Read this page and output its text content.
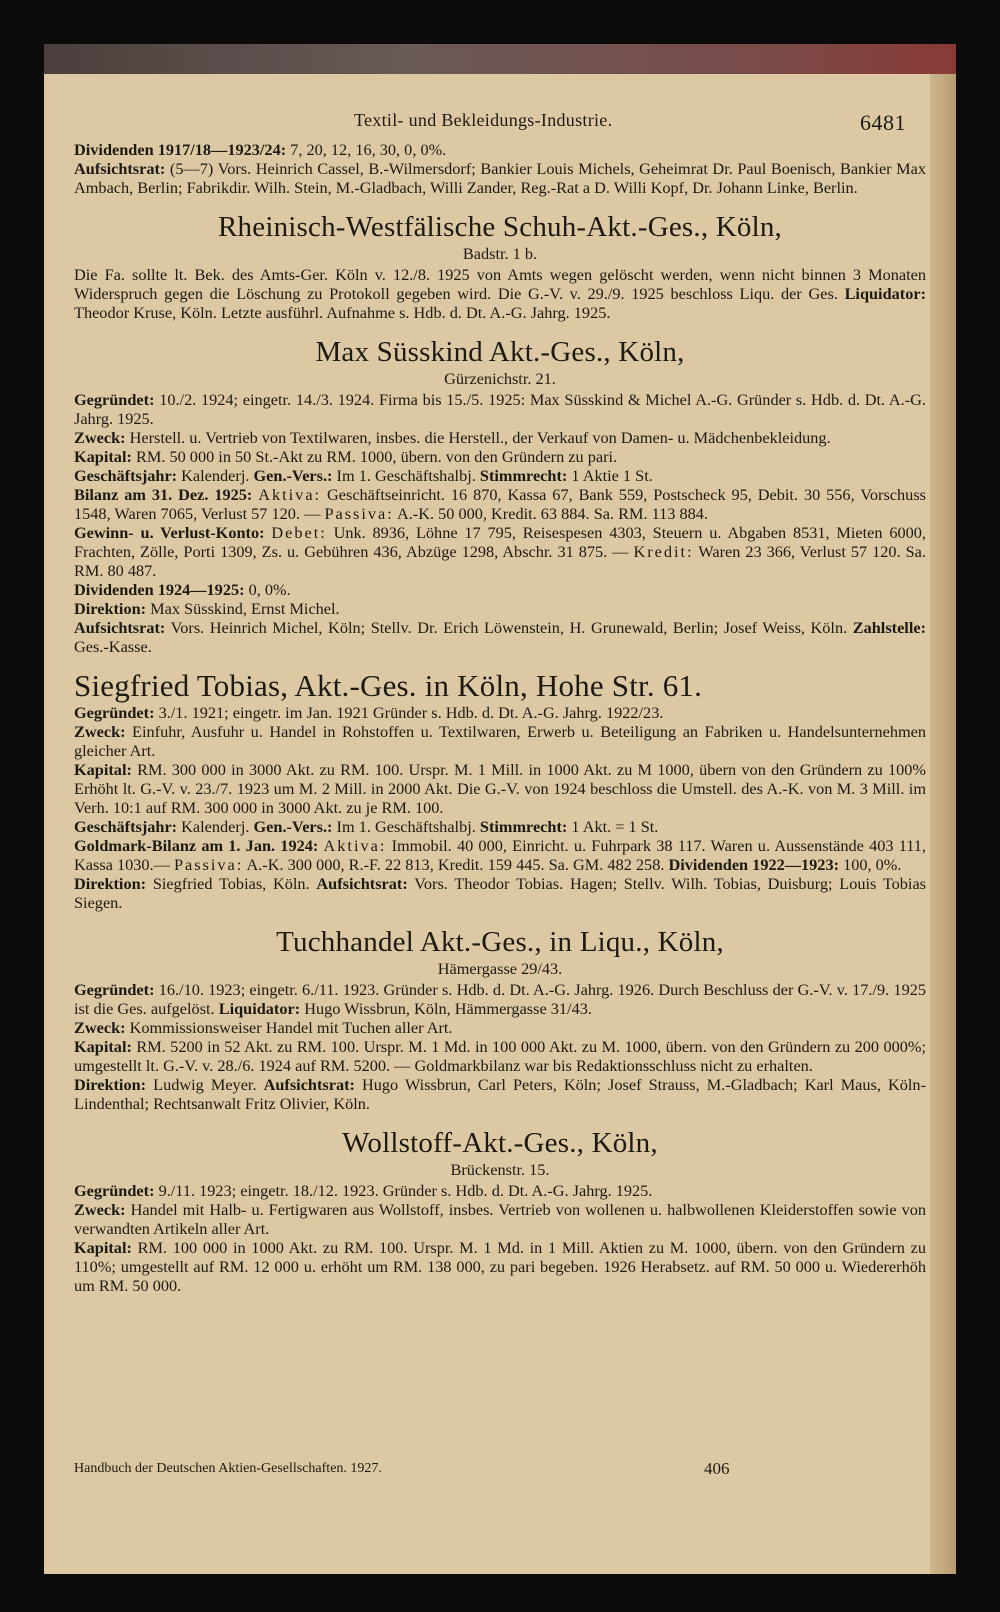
Textil- und Bekleidungs-Industrie.	6481

Dividenden 1917/18—1923/24: 7, 20, 12, 16, 30, 0, 0%.

Aufsichtsrat: (5—7) Vors. Heinrich Cassel, B.-Wilmersdorf; Bankier Louis Michels, Geheimrat Dr. Paul Boenisch, Bankier Max Ambach, Berlin; Fabrikdir. Wilh. Stein, M.-Gladbach, Willi Zander, Reg.-Rat a D. Willi Kopf, Dr. Johann Linke, Berlin.

Rheinisch-Westfälische Schuh-Akt.-Ges., Köln,
Badstr. 1 b.

Die Fa. sollte lt. Bek. des Amts-Ger. Köln v. 12./8. 1925 von Amts wegen gelöscht werden, wenn nicht binnen 3 Monaten Widerspruch gegen die Löschung zu Protokoll gegeben wird. Die G.-V. v. 29./9. 1925 beschloss Liqu. der Ges. Liquidator: Theodor Kruse, Köln. Letzte ausführl. Aufnahme s. Hdb. d. Dt. A.-G. Jahrg. 1925.

Max Süsskind Akt.-Ges., Köln,
Gürzenichstr. 21.

Gegründet: 10./2. 1924; eingetr. 14./3. 1924. Firma bis 15./5. 1925: Max Süsskind & Michel A.-G. Gründer s. Hdb. d. Dt. A.-G. Jahrg. 1925.

Zweck: Herstell. u. Vertrieb von Textilwaren, insbes. die Herstell., der Verkauf von Damen- u. Mädchenbekleidung.

Kapital: RM. 50 000 in 50 St.-Akt zu RM. 1000, übern. von den Gründern zu pari.

Geschäftsjahr: Kalenderj. Gen.-Vers.: Im 1. Geschäftshalbj. Stimmrecht: 1 Aktie 1 St.

Bilanz am 31. Dez. 1925: Aktiva: Geschäftseinricht. 16 870, Kassa 67, Bank 559, Postscheck 95, Debit. 30 556, Vorschuss 1548, Waren 7065, Verlust 57 120. — Passiva: A.-K. 50 000, Kredit. 63 884. Sa. RM. 113 884.

Gewinn- u. Verlust-Konto: Debet: Unk. 8936, Löhne 17 795, Reisespesen 4303, Steuern u. Abgaben 8531, Mieten 6000, Frachten, Zölle, Porti 1309, Zs. u. Gebühren 436, Abzüge 1298, Abschr. 31 875. — Kredit: Waren 23 366, Verlust 57 120. Sa. RM. 80 487.

Dividenden 1924—1925: 0, 0%.

Direktion: Max Süsskind, Ernst Michel.

Aufsichtsrat: Vors. Heinrich Michel, Köln; Stellv. Dr. Erich Löwenstein, H. Grunewald, Berlin; Josef Weiss, Köln. Zahlstelle: Ges.-Kasse.

Siegfried Tobias, Akt.-Ges. in Köln, Hohe Str. 61.

Gegründet: 3./1. 1921; eingetr. im Jan. 1921 Gründer s. Hdb. d. Dt. A.-G. Jahrg. 1922/23.

Zweck: Einfuhr, Ausfuhr u. Handel in Rohstoffen u. Textilwaren, Erwerb u. Beteiligung an Fabriken u. Handelsunternehmen gleicher Art.

Kapital: RM. 300 000 in 3000 Akt. zu RM. 100. Urspr. M. 1 Mill. in 1000 Akt. zu M 1000, übern von den Gründern zu 100% Erhöht lt. G.-V. v. 23./7. 1923 um M. 2 Mill. in 2000 Akt. Die G.-V. von 1924 beschloss die Umstell. des A.-K. von M. 3 Mill. im Verh. 10:1 auf RM. 300 000 in 3000 Akt. zu je RM. 100.

Geschäftsjahr: Kalenderj. Gen.-Vers.: Im 1. Geschäftshalbj. Stimmrecht: 1 Akt. = 1 St.

Goldmark-Bilanz am 1. Jan. 1924: Aktiva: Immobil. 40 000, Einricht. u. Fuhrpark 38 117. Waren u. Aussenstände 403 111, Kassa 1030.— Passiva: A.-K. 300 000, R.-F. 22 813, Kredit. 159 445. Sa. GM. 482 258. Dividenden 1922—1923: 100, 0%.

Direktion: Siegfried Tobias, Köln. Aufsichtsrat: Vors. Theodor Tobias. Hagen; Stellv. Wilh. Tobias, Duisburg; Louis Tobias Siegen.

Tuchhandel Akt.-Ges., in Liqu., Köln,
Hämergasse 29/43.

Gegründet: 16./10. 1923; eingetr. 6./11. 1923. Gründer s. Hdb. d. Dt. A.-G. Jahrg. 1926. Durch Beschluss der G.-V. v. 17./9. 1925 ist die Ges. aufgelöst. Liquidator: Hugo Wissbrun, Köln, Hämmergasse 31/43.

Zweck: Kommissionsweiser Handel mit Tuchen aller Art.

Kapital: RM. 5200 in 52 Akt. zu RM. 100. Urspr. M. 1 Md. in 100 000 Akt. zu M. 1000, übern. von den Gründern zu 200 000%; umgestellt lt. G.-V. v. 28./6. 1924 auf RM. 5200. — Goldmarkbilanz war bis Redaktionsschluss nicht zu erhalten.

Direktion: Ludwig Meyer. Aufsichtsrat: Hugo Wissbrun, Carl Peters, Köln; Josef Strauss, M.-Gladbach; Karl Maus, Köln-Lindenthal; Rechtsanwalt Fritz Olivier, Köln.

Wollstoff-Akt.-Ges., Köln,
Brückenstr. 15.

Gegründet: 9./11. 1923; eingetr. 18./12. 1923. Gründer s. Hdb. d. Dt. A.-G. Jahrg. 1925.

Zweck: Handel mit Halb- u. Fertigwaren aus Wollstoff, insbes. Vertrieb von wollenen u. halbwollenen Kleiderstoffen sowie von verwandten Artikeln aller Art.

Kapital: RM. 100 000 in 1000 Akt. zu RM. 100. Urspr. M. 1 Md. in 1 Mill. Aktien zu M. 1000, übern. von den Gründern zu 110%; umgestellt auf RM. 12 000 u. erhöht um RM. 138 000, zu pari begeben. 1926 Herabsetz. auf RM. 50 000 u. Wiedererhöh um RM. 50 000.

Handbuch der Deutschen Aktien-Gesellschaften. 1927.	406
